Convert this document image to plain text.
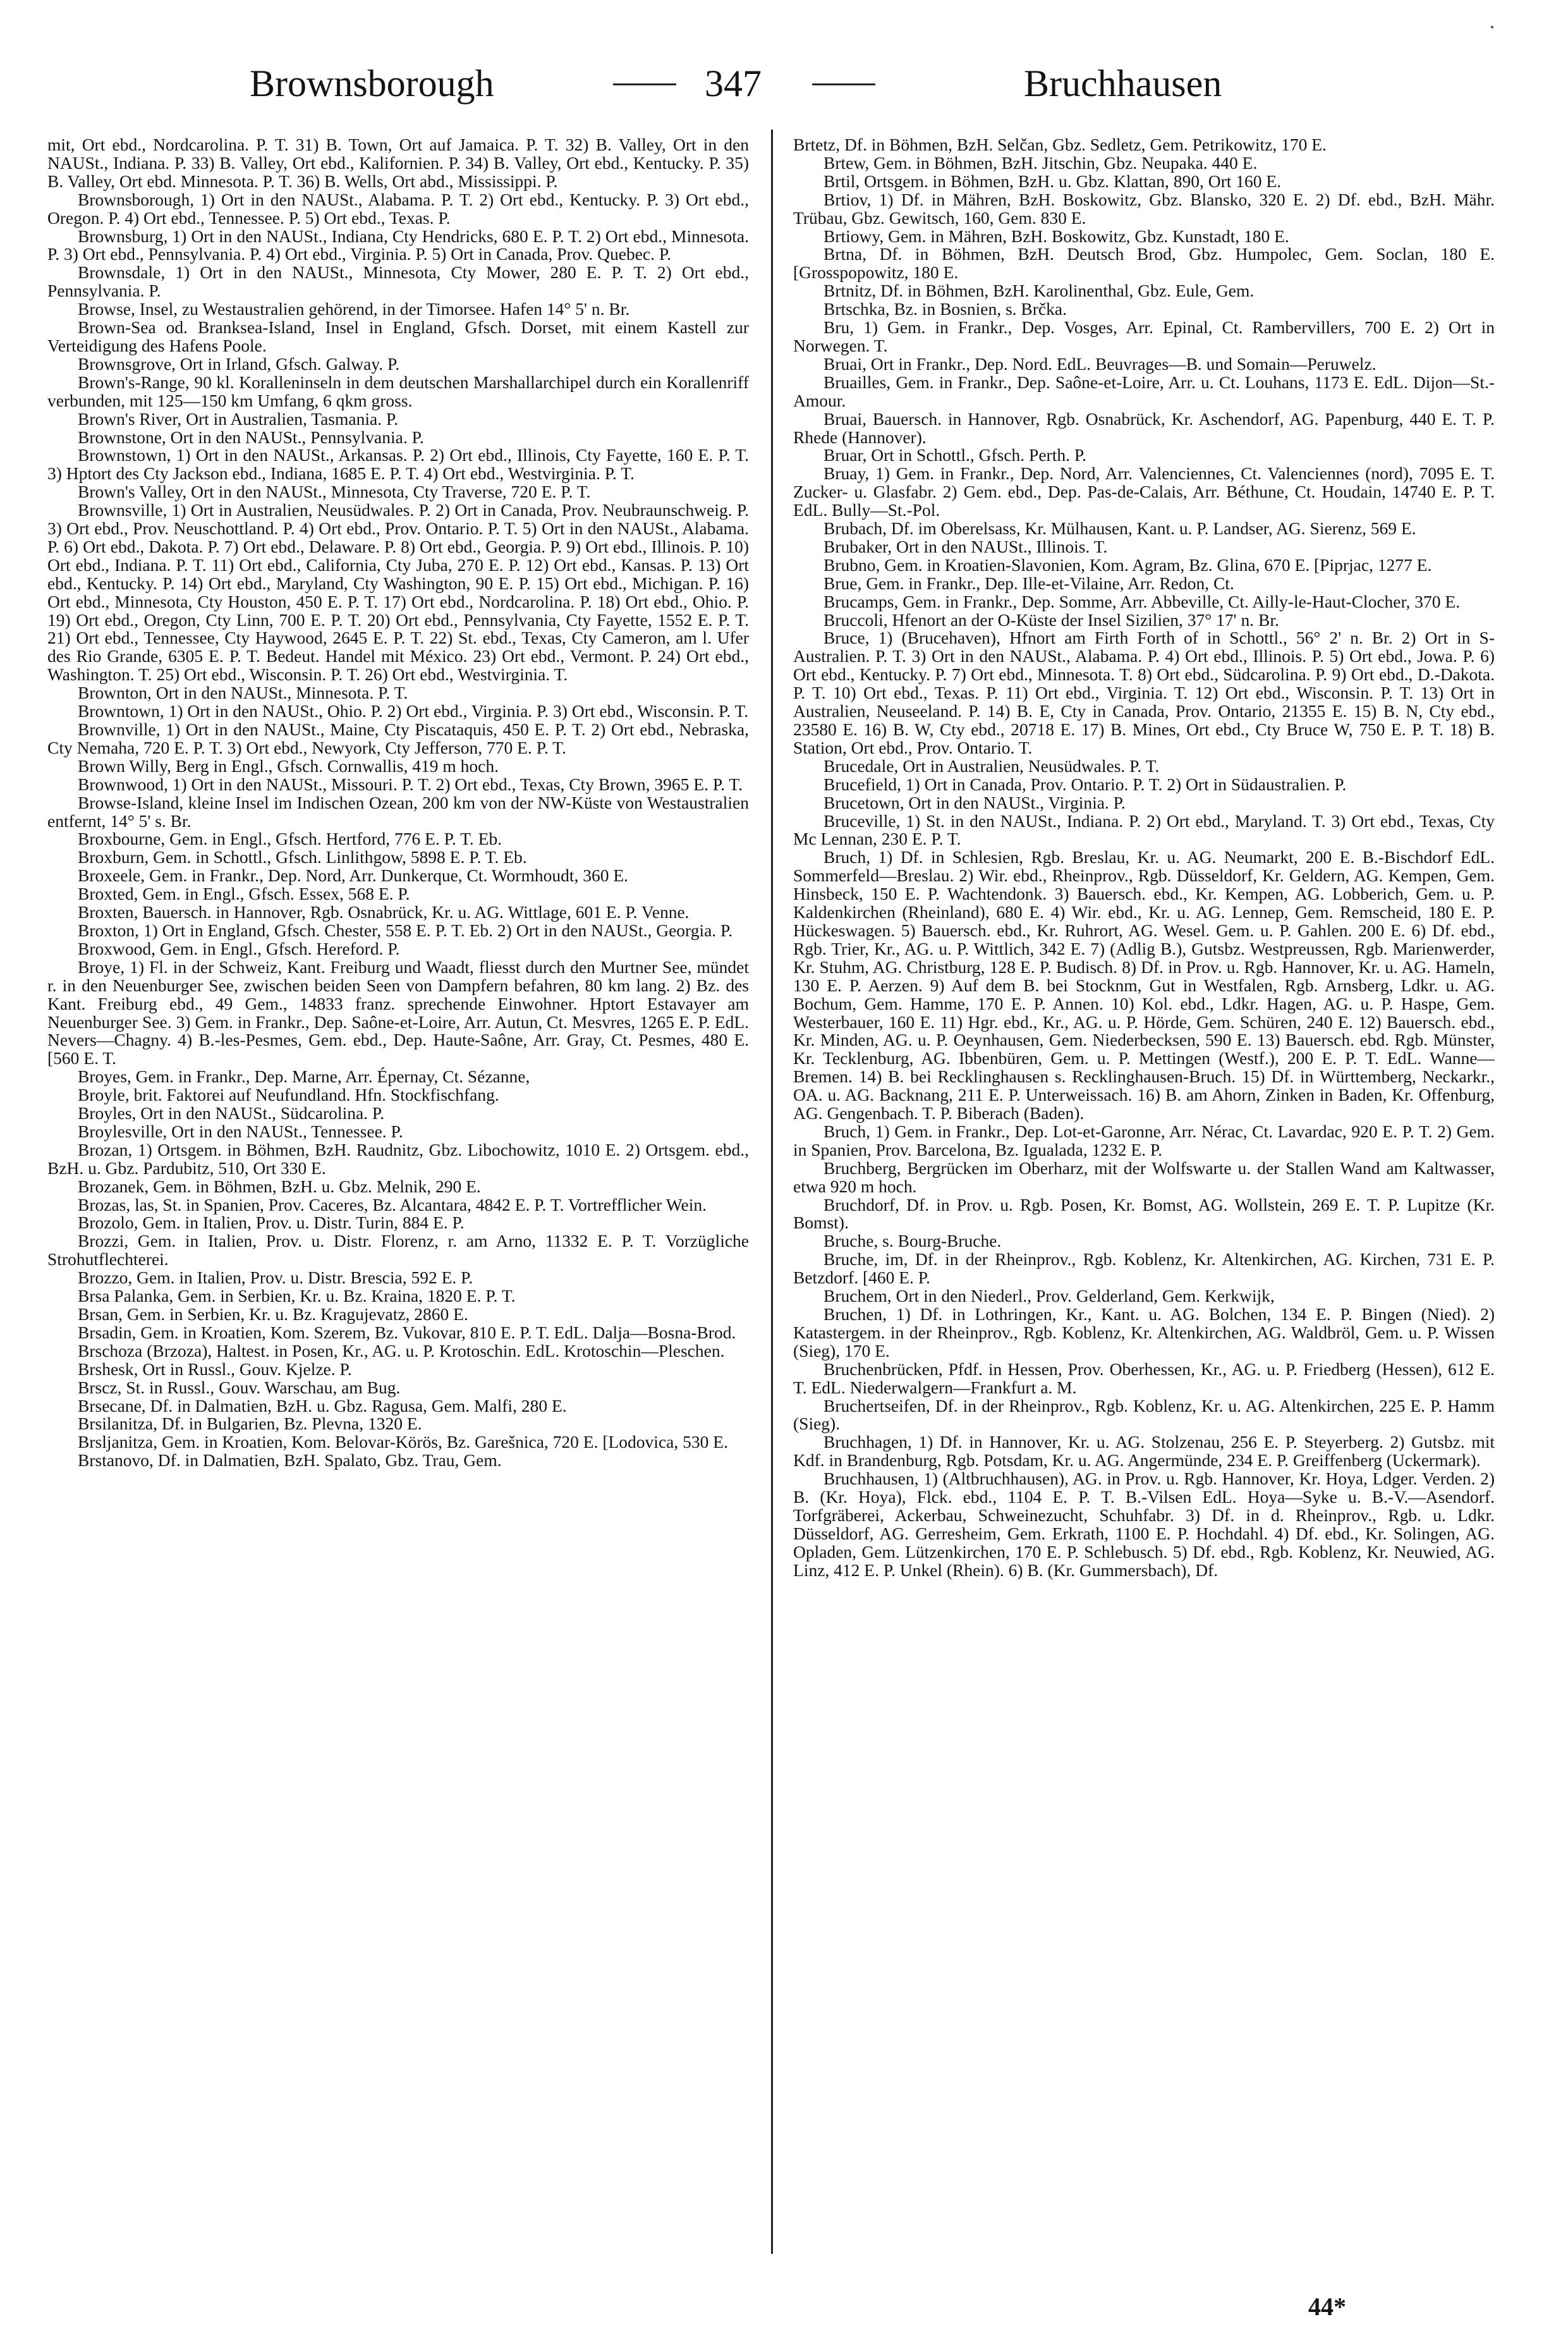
·
Brownsborough	347	Bruchhausen

mit, Ort ebd., Nordcarolina. P. T. 31) B. Town, Ort auf Jamaica. P. T. 32) B. Valley, Ort in den NAUSt., Indiana. P. 33) B. Valley, Ort ebd., Kalifornien. P. 34) B. Valley, Ort ebd., Kentucky. P. 35) B. Valley, Ort ebd. Minnesota. P. T. 36) B. Wells, Ort abd., Mississippi. P.

Brownsborough, 1) Ort in den NAUSt., Alabama. P. T. 2) Ort ebd., Kentucky. P. 3) Ort ebd., Oregon. P. 4) Ort ebd., Tennessee. P. 5) Ort ebd., Texas. P.

Brownsburg, 1) Ort in den NAUSt., Indiana, Cty Hendricks, 680 E. P. T. 2) Ort ebd., Minnesota. P. 3) Ort ebd., Pennsylvania. P. 4) Ort ebd., Virginia. P. 5) Ort in Canada, Prov. Quebec. P.

Brownsdale, 1) Ort in den NAUSt., Minnesota, Cty Mower, 280 E. P. T. 2) Ort ebd., Pennsylvania. P.

Browse, Insel, zu Westaustralien gehörend, in der Timorsee. Hafen 14° 5' n. Br.

Brown-Sea od. Branksea-Island, Insel in England, Gfsch. Dorset, mit einem Kastell zur Verteidigung des Hafens Poole.

Brownsgrove, Ort in Irland, Gfsch. Galway. P.

Brown's-Range, 90 kl. Koralleninseln in dem deutschen Marshallarchipel durch ein Korallenriff verbunden, mit 125—150 km Umfang, 6 qkm gross.

Brown's River, Ort in Australien, Tasmania. P.

Brownstone, Ort in den NAUSt., Pennsylvania. P.

Brownstown, 1) Ort in den NAUSt., Arkansas. P. 2) Ort ebd., Illinois, Cty Fayette, 160 E. P. T. 3) Hptort des Cty Jackson ebd., Indiana, 1685 E. P. T. 4) Ort ebd., Westvirginia. P. T.

Brown's Valley, Ort in den NAUSt., Minnesota, Cty Traverse, 720 E. P. T.

Brownsville, 1) Ort in Australien, Neusüdwales. P. 2) Ort in Canada, Prov. Neubraunschweig. P. 3) Ort ebd., Prov. Neuschottland. P. 4) Ort ebd., Prov. Ontario. P. T. 5) Ort in den NAUSt., Alabama. P. 6) Ort ebd., Dakota. P. 7) Ort ebd., Delaware. P. 8) Ort ebd., Georgia. P. 9) Ort ebd., Illinois. P. 10) Ort ebd., Indiana. P. T. 11) Ort ebd., California, Cty Juba, 270 E. P. 12) Ort ebd., Kansas. P. 13) Ort ebd., Kentucky. P. 14) Ort ebd., Maryland, Cty Washington, 90 E. P. 15) Ort ebd., Michigan. P. 16) Ort ebd., Minnesota, Cty Houston, 450 E. P. T. 17) Ort ebd., Nordcarolina. P. 18) Ort ebd., Ohio. P. 19) Ort ebd., Oregon, Cty Linn, 700 E. P. T. 20) Ort ebd., Pennsylvania, Cty Fayette, 1552 E. P. T. 21) Ort ebd., Tennessee, Cty Haywood, 2645 E. P. T. 22) St. ebd., Texas, Cty Cameron, am l. Ufer des Rio Grande, 6305 E. P. T. Bedeut. Handel mit México. 23) Ort ebd., Vermont. P. 24) Ort ebd., Washington. T. 25) Ort ebd., Wisconsin. P. T. 26) Ort ebd., Westvirginia. T.

Brownton, Ort in den NAUSt., Minnesota. P. T.

Browntown, 1) Ort in den NAUSt., Ohio. P. 2) Ort ebd., Virginia. P. 3) Ort ebd., Wisconsin. P. T.

Brownville, 1) Ort in den NAUSt., Maine, Cty Piscataquis, 450 E. P. T. 2) Ort ebd., Nebraska, Cty Nemaha, 720 E. P. T. 3) Ort ebd., Newyork, Cty Jefferson, 770 E. P. T.

Brown Willy, Berg in Engl., Gfsch. Cornwallis, 419 m hoch.

Brownwood, 1) Ort in den NAUSt., Missouri. P. T. 2) Ort ebd., Texas, Cty Brown, 3965 E. P. T.

Browse-Island, kleine Insel im Indischen Ozean, 200 km von der NW-Küste von Westaustralien entfernt, 14° 5' s. Br.

Broxbourne, Gem. in Engl., Gfsch. Hertford, 776 E. P. T. Eb.

Broxburn, Gem. in Schottl., Gfsch. Linlithgow, 5898 E. P. T. Eb.

Broxeele, Gem. in Frankr., Dep. Nord, Arr. Dunkerque, Ct. Wormhoudt, 360 E.

Broxted, Gem. in Engl., Gfsch. Essex, 568 E. P.

Broxten, Bauersch. in Hannover, Rgb. Osnabrück, Kr. u. AG. Wittlage, 601 E. P. Venne.

Broxton, 1) Ort in England, Gfsch. Chester, 558 E. P. T. Eb. 2) Ort in den NAUSt., Georgia. P.

Broxwood, Gem. in Engl., Gfsch. Hereford. P.

Broye, 1) Fl. in der Schweiz, Kant. Freiburg und Waadt, fliesst durch den Murtner See, mündet r. in den Neuenburger See, zwischen beiden Seen von Dampfern befahren, 80 km lang. 2) Bz. des Kant. Freiburg ebd., 49 Gem., 14833 franz. sprechende Einwohner. Hptort Estavayer am Neuenburger See. 3) Gem. in Frankr., Dep. Saône-et-Loire, Arr. Autun, Ct. Mesvres, 1265 E. P. EdL. Nevers—Chagny. 4) B.-les-Pesmes, Gem. ebd., Dep. Haute-Saône, Arr. Gray, Ct. Pesmes, 480 E. [560 E. T.

Broyes, Gem. in Frankr., Dep. Marne, Arr. Épernay, Ct. Sézanne,

Broyle, brit. Faktorei auf Neufundland. Hfn. Stockfischfang.

Broyles, Ort in den NAUSt., Südcarolina. P.

Broylesville, Ort in den NAUSt., Tennessee. P.

Brozan, 1) Ortsgem. in Böhmen, BzH. Raudnitz, Gbz. Libochowitz, 1010 E. 2) Ortsgem. ebd., BzH. u. Gbz. Pardubitz, 510, Ort 330 E.

Brozanek, Gem. in Böhmen, BzH. u. Gbz. Melnik, 290 E.

Brozas, las, St. in Spanien, Prov. Caceres, Bz. Alcantara, 4842 E. P. T. Vortrefflicher Wein.

Brozolo, Gem. in Italien, Prov. u. Distr. Turin, 884 E. P.

Brozzi, Gem. in Italien, Prov. u. Distr. Florenz, r. am Arno, 11332 E. P. T. Vorzügliche Strohutflechterei.

Brozzo, Gem. in Italien, Prov. u. Distr. Brescia, 592 E. P.

Brsa Palanka, Gem. in Serbien, Kr. u. Bz. Kraina, 1820 E. P. T.

Brsan, Gem. in Serbien, Kr. u. Bz. Kragujevatz, 2860 E.

Brsadin, Gem. in Kroatien, Kom. Szerem, Bz. Vukovar, 810 E. P. T. EdL. Dalja—Bosna-Brod.

Brschoza (Brzoza), Haltest. in Posen, Kr., AG. u. P. Krotoschin. EdL. Krotoschin—Pleschen.

Brshesk, Ort in Russl., Gouv. Kjelze. P.

Brscz, St. in Russl., Gouv. Warschau, am Bug.

Brsecane, Df. in Dalmatien, BzH. u. Gbz. Ragusa, Gem. Malfi, 280 E.

Brsilanitza, Df. in Bulgarien, Bz. Plevna, 1320 E.

Brsljanitza, Gem. in Kroatien, Kom. Belovar-Körös, Bz. Garešnica, 720 E. [Lodovica, 530 E.

Brstanovo, Df. in Dalmatien, BzH. Spalato, Gbz. Trau, Gem.

Brtetz, Df. in Böhmen, BzH. Selčan, Gbz. Sedletz, Gem. Petrikowitz, 170 E.

Brtew, Gem. in Böhmen, BzH. Jitschin, Gbz. Neupaka. 440 E.

Brtil, Ortsgem. in Böhmen, BzH. u. Gbz. Klattan, 890, Ort 160 E.

Brtiov, 1) Df. in Mähren, BzH. Boskowitz, Gbz. Blansko, 320 E. 2) Df. ebd., BzH. Mähr. Trübau, Gbz. Gewitsch, 160, Gem. 830 E.

Brtiowy, Gem. in Mähren, BzH. Boskowitz, Gbz. Kunstadt, 180 E.

Brtna, Df. in Böhmen, BzH. Deutsch Brod, Gbz. Humpolec, Gem. Soclan, 180 E. [Grosspopowitz, 180 E.

Brtnitz, Df. in Böhmen, BzH. Karolinenthal, Gbz. Eule, Gem.

Brtschka, Bz. in Bosnien, s. Brčka.

Bru, 1) Gem. in Frankr., Dep. Vosges, Arr. Epinal, Ct. Rambervillers, 700 E. 2) Ort in Norwegen. T.

Bruai, Ort in Frankr., Dep. Nord. EdL. Beuvrages—B. und Somain—Peruwelz.

Bruailles, Gem. in Frankr., Dep. Saône-et-Loire, Arr. u. Ct. Louhans, 1173 E. EdL. Dijon—St.-Amour.

Bruai, Bauersch. in Hannover, Rgb. Osnabrück, Kr. Aschendorf, AG. Papenburg, 440 E. T. P. Rhede (Hannover).

Bruar, Ort in Schottl., Gfsch. Perth. P.

Bruay, 1) Gem. in Frankr., Dep. Nord, Arr. Valenciennes, Ct. Valenciennes (nord), 7095 E. T. Zucker- u. Glasfabr. 2) Gem. ebd., Dep. Pas-de-Calais, Arr. Béthune, Ct. Houdain, 14740 E. P. T. EdL. Bully—St.-Pol.

Brubach, Df. im Oberelsass, Kr. Mülhausen, Kant. u. P. Landser, AG. Sierenz, 569 E.

Brubaker, Ort in den NAUSt., Illinois. T.

Brubno, Gem. in Kroatien-Slavonien, Kom. Agram, Bz. Glina, 670 E. [Piprjac, 1277 E.

Brue, Gem. in Frankr., Dep. Ille-et-Vilaine, Arr. Redon, Ct.

Brucamps, Gem. in Frankr., Dep. Somme, Arr. Abbeville, Ct. Ailly-le-Haut-Clocher, 370 E.

Bruccoli, Hfenort an der O-Küste der Insel Sizilien, 37° 17' n. Br.

Bruce, 1) (Brucehaven), Hfnort am Firth Forth of in Schottl., 56° 2' n. Br. 2) Ort in S-Australien. P. T. 3) Ort in den NAUSt., Alabama. P. 4) Ort ebd., Illinois. P. 5) Ort ebd., Jowa. P. 6) Ort ebd., Kentucky. P. 7) Ort ebd., Minnesota. T. 8) Ort ebd., Südcarolina. P. 9) Ort ebd., D.-Dakota. P. T. 10) Ort ebd., Texas. P. 11) Ort ebd., Virginia. T. 12) Ort ebd., Wisconsin. P. T. 13) Ort in Australien, Neuseeland. P. 14) B. E, Cty in Canada, Prov. Ontario, 21355 E. 15) B. N, Cty ebd., 23580 E. 16) B. W, Cty ebd., 20718 E. 17) B. Mines, Ort ebd., Cty Bruce W, 750 E. P. T. 18) B. Station, Ort ebd., Prov. Ontario. T.

Brucedale, Ort in Australien, Neusüdwales. P. T.

Brucefield, 1) Ort in Canada, Prov. Ontario. P. T. 2) Ort in Südaustralien. P.

Brucetown, Ort in den NAUSt., Virginia. P.

Bruceville, 1) St. in den NAUSt., Indiana. P. 2) Ort ebd., Maryland. T. 3) Ort ebd., Texas, Cty Mc Lennan, 230 E. P. T.

Bruch, 1) Df. in Schlesien, Rgb. Breslau, Kr. u. AG. Neumarkt, 200 E. B.-Bischdorf EdL. Sommerfeld—Breslau. 2) Wir. ebd., Rheinprov., Rgb. Düsseldorf, Kr. Geldern, AG. Kempen, Gem. Hinsbeck, 150 E. P. Wachtendonk. 3) Bauersch. ebd., Kr. Kempen, AG. Lobberich, Gem. u. P. Kaldenkirchen (Rheinland), 680 E. 4) Wir. ebd., Kr. u. AG. Lennep, Gem. Remscheid, 180 E. P. Hückeswagen. 5) Bauersch. ebd., Kr. Ruhrort, AG. Wesel. Gem. u. P. Gahlen. 200 E. 6) Df. ebd., Rgb. Trier, Kr., AG. u. P. Wittlich, 342 E. 7) (Adlig B.), Gutsbz. Westpreussen, Rgb. Marienwerder, Kr. Stuhm, AG. Christburg, 128 E. P. Budisch. 8) Df. in Prov. u. Rgb. Hannover, Kr. u. AG. Hameln, 130 E. P. Aerzen. 9) Auf dem B. bei Stocknm, Gut in Westfalen, Rgb. Arnsberg, Ldkr. u. AG. Bochum, Gem. Hamme, 170 E. P. Annen. 10) Kol. ebd., Ldkr. Hagen, AG. u. P. Haspe, Gem. Westerbauer, 160 E. 11) Hgr. ebd., Kr., AG. u. P. Hörde, Gem. Schüren, 240 E. 12) Bauersch. ebd., Kr. Minden, AG. u. P. Oeynhausen, Gem. Niederbecksen, 590 E. 13) Bauersch. ebd. Rgb. Münster, Kr. Tecklenburg, AG. Ibbenbüren, Gem. u. P. Mettingen (Westf.), 200 E. P. T. EdL. Wanne—Bremen. 14) B. bei Recklinghausen s. Recklinghausen-Bruch. 15) Df. in Württemberg, Neckarkr., OA. u. AG. Backnang, 211 E. P. Unterweissach. 16) B. am Ahorn, Zinken in Baden, Kr. Offenburg, AG. Gengenbach. T. P. Biberach (Baden).

Bruch, 1) Gem. in Frankr., Dep. Lot-et-Garonne, Arr. Nérac, Ct. Lavardac, 920 E. P. T. 2) Gem. in Spanien, Prov. Barcelona, Bz. Igualada, 1232 E. P.

Bruchberg, Bergrücken im Oberharz, mit der Wolfswarte u. der Stallen Wand am Kaltwasser, etwa 920 m hoch.

Bruchdorf, Df. in Prov. u. Rgb. Posen, Kr. Bomst, AG. Wollstein, 269 E. T. P. Lupitze (Kr. Bomst).

Bruche, s. Bourg-Bruche.

Bruche, im, Df. in der Rheinprov., Rgb. Koblenz, Kr. Altenkirchen, AG. Kirchen, 731 E. P. Betzdorf. [460 E. P.

Bruchem, Ort in den Niederl., Prov. Gelderland, Gem. Kerkwijk,

Bruchen, 1) Df. in Lothringen, Kr., Kant. u. AG. Bolchen, 134 E. P. Bingen (Nied). 2) Katastergem. in der Rheinprov., Rgb. Koblenz, Kr. Altenkirchen, AG. Waldbröl, Gem. u. P. Wissen (Sieg), 170 E.

Bruchenbrücken, Pfdf. in Hessen, Prov. Oberhessen, Kr., AG. u. P. Friedberg (Hessen), 612 E. T. EdL. Niederwalgern—Frankfurt a. M.

Bruchertseifen, Df. in der Rheinprov., Rgb. Koblenz, Kr. u. AG. Altenkirchen, 225 E. P. Hamm (Sieg).

Bruchhagen, 1) Df. in Hannover, Kr. u. AG. Stolzenau, 256 E. P. Steyerberg. 2) Gutsbz. mit Kdf. in Brandenburg, Rgb. Potsdam, Kr. u. AG. Angermünde, 234 E. P. Greiffenberg (Uckermark).

Bruchhausen, 1) (Altbruchhausen), AG. in Prov. u. Rgb. Hannover, Kr. Hoya, Ldger. Verden. 2) B. (Kr. Hoya), Flck. ebd., 1104 E. P. T. B.-Vilsen EdL. Hoya—Syke u. B.-V.—Asendorf. Torfgräberei, Ackerbau, Schweinezucht, Schuhfabr. 3) Df. in d. Rheinprov., Rgb. u. Ldkr. Düsseldorf, AG. Gerresheim, Gem. Erkrath, 1100 E. P. Hochdahl. 4) Df. ebd., Kr. Solingen, AG. Opladen, Gem. Lützenkirchen, 170 E. P. Schlebusch. 5) Df. ebd., Rgb. Koblenz, Kr. Neuwied, AG. Linz, 412 E. P. Unkel (Rhein). 6) B. (Kr. Gummersbach), Df.

44*
